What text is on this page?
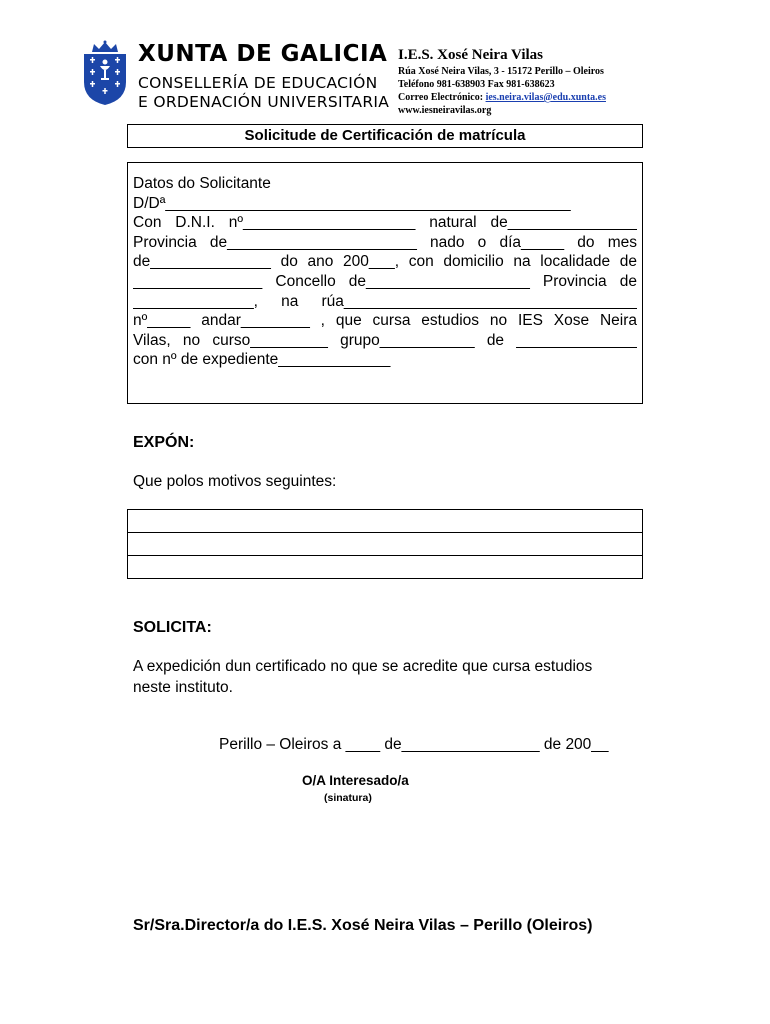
XUNTA DE GALICIA
CONSELLERÍA DE EDUCACIÓN
E ORDENACIÓN UNIVERSITARIA
I.E.S. Xosé Neira Vilas
Rúa Xosé Neira Vilas, 3 - 15172 Perillo – Oleiros
Teléfono 981-638903 Fax 981-638623
Correo Electrónico: ies.neira.vilas@edu.xunta.es
www.iesneiravilas.org
Solicitude de Certificación de matrícula
Datos do Solicitante
D/Dª_______________________________________________
Con D.N.I. nº____________________ natural de_______________
Provincia de______________________ nado o día_____ do mes
de______________ do ano 200___, con domicilio na localidade de
_______________ Concello de___________________ Provincia de
______________, na rúa__________________________________
nº_____ andar________ , que cursa estudios no IES Xose Neira
Vilas, no curso_________ grupo___________ de ______________
con nº de expediente_____________
EXPÓN:
Que polos motivos seguintes:
SOLICITA:
A expedición dun certificado no que se acredite que cursa estudios
neste instituto.
Perillo – Oleiros a ____ de________________ de 200__
O/A Interesado/a
(sinatura)
Sr/Sra.Director/a do I.E.S. Xosé Neira Vilas – Perillo (Oleiros)
